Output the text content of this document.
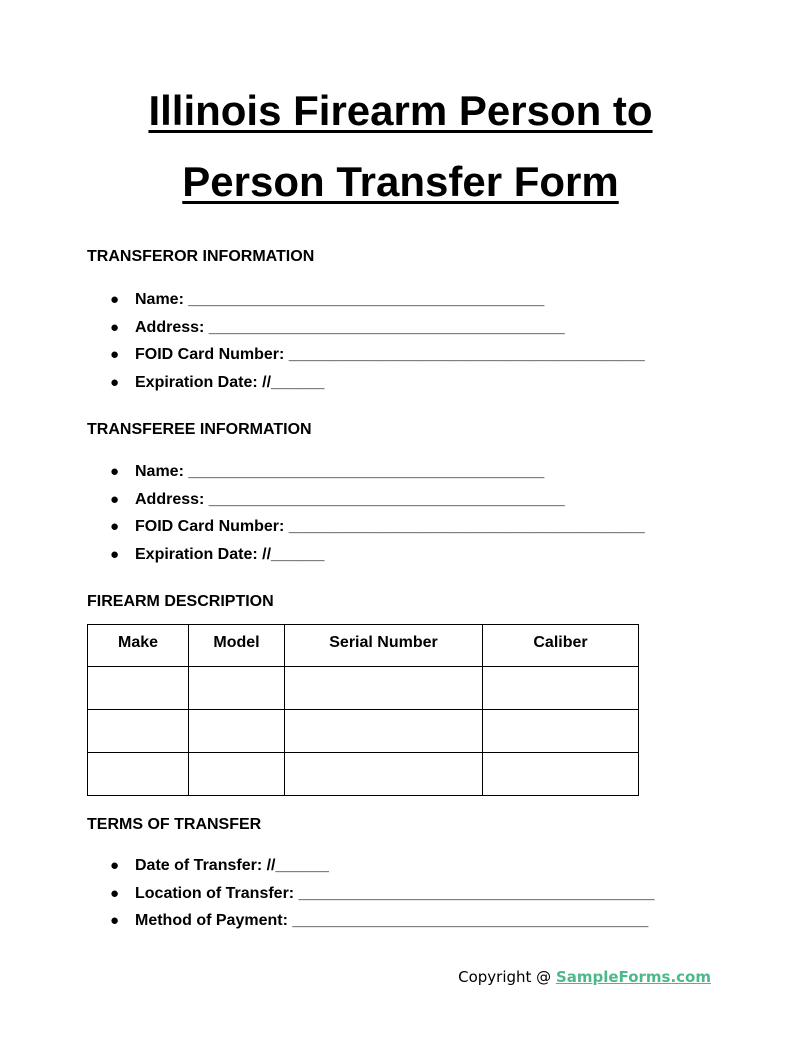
Illinois Firearm Person to
Person Transfer Form
TRANSFEROR INFORMATION
● Name: ________________________________________
● Address: ________________________________________
● FOID Card Number: ________________________________________
● Expiration Date: //______
TRANSFEREE INFORMATION
● Name: ________________________________________
● Address: ________________________________________
● FOID Card Number: ________________________________________
● Expiration Date: //______
FIREARM DESCRIPTION
Make	Model	Serial Number	Caliber

TERMS OF TRANSFER
● Date of Transfer: //______
● Location of Transfer: ________________________________________
● Method of Payment: ________________________________________
Copyright @ SampleForms.com
